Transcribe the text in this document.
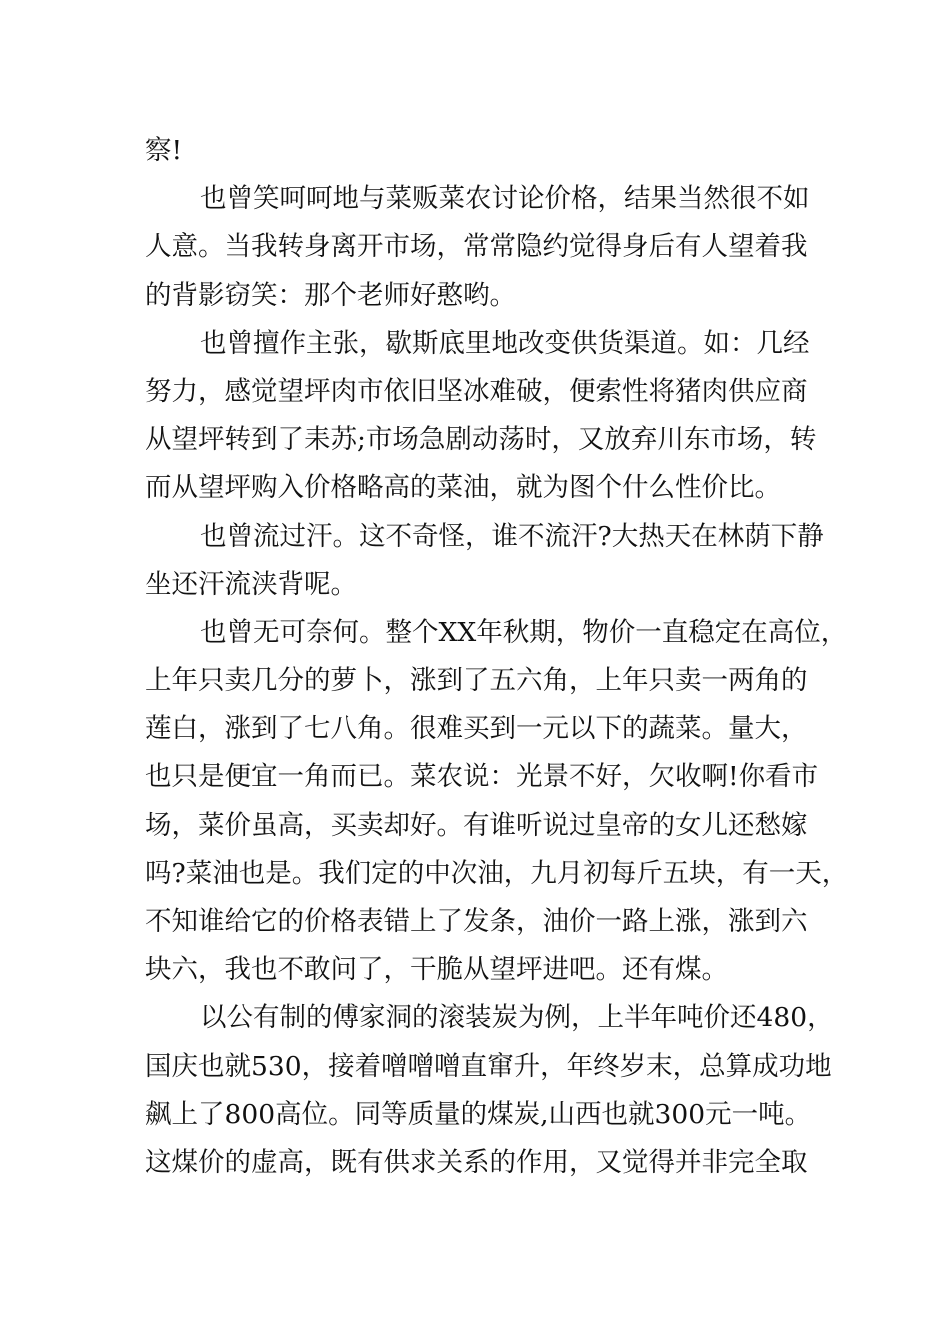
察!
也曾笑呵呵地与菜贩菜农讨论价格，结果当然很不如
人意。当我转身离开市场，常常隐约觉得身后有人望着我
的背影窃笑：那个老师好憨哟。
也曾擅作主张，歇斯底里地改变供货渠道。如：几经
努力，感觉望坪肉市依旧坚冰难破，便索性将猪肉供应商
从望坪转到了耒苏;市场急剧动荡时，又放弃川东市场，转
而从望坪购入价格略高的菜油，就为图个什么性价比。
也曾流过汗。这不奇怪，谁不流汗?大热天在林荫下静
坐还汗流浃背呢。
也曾无可奈何。整个XX年秋期，物价一直稳定在高位，
上年只卖几分的萝卜，涨到了五六角，上年只卖一两角的
莲白，涨到了七八角。很难买到一元以下的蔬菜。量大，
也只是便宜一角而已。菜农说：光景不好，欠收啊!你看市
场，菜价虽高，买卖却好。有谁听说过皇帝的女儿还愁嫁
吗?菜油也是。我们定的中次油，九月初每斤五块，有一天，
不知谁给它的价格表错上了发条，油价一路上涨，涨到六
块六，我也不敢问了，干脆从望坪进吧。还有煤。
以公有制的傅家洞的滚装炭为例，上半年吨价还480，
国庆也就530，接着噌噌噌直窜升，年终岁末，总算成功地
飙上了800高位。同等质量的煤炭,山西也就300元一吨。
这煤价的虚高，既有供求关系的作用，又觉得并非完全取
